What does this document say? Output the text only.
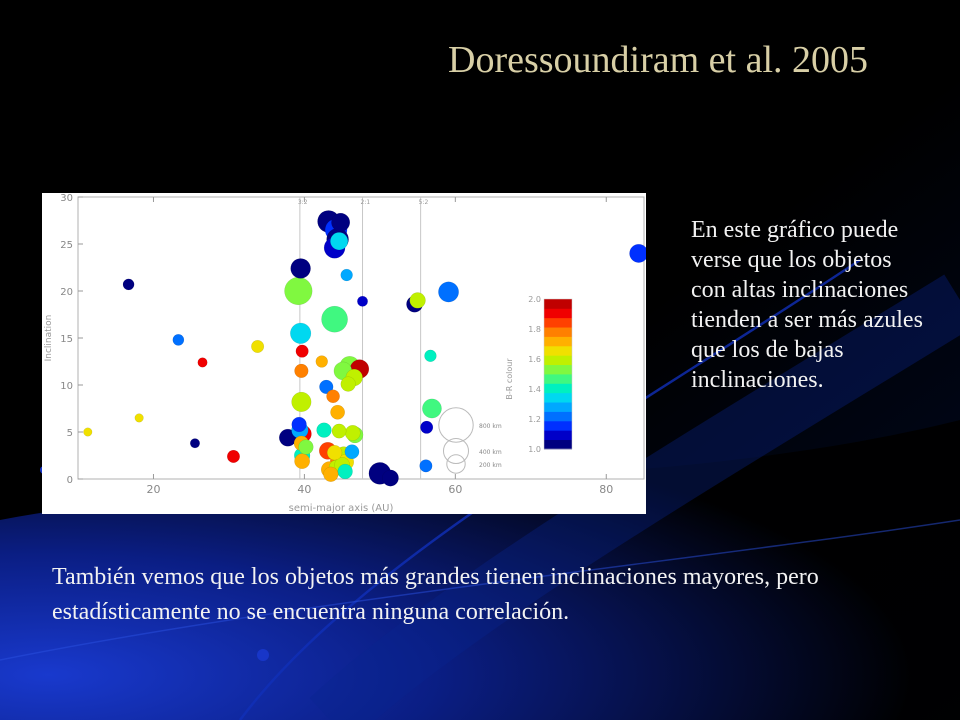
Doressoundiram et al. 2005

En este gráfico puede verse que los objetos con altas inclinaciones tienden a ser más azules que los de bajas inclinaciones.

También vemos que los objetos más grandes tienen inclinaciones mayores, pero estadísticamente no se encuentra ninguna correlación.

20	40	60	80
0
5
10
15
20
25
30
semi-major axis (AU)
Inclination
3:2	2:1	5:2
800 km
400 km
200 km
1.0
1.2
1.4
1.6
1.8
2.0
B-R colour
